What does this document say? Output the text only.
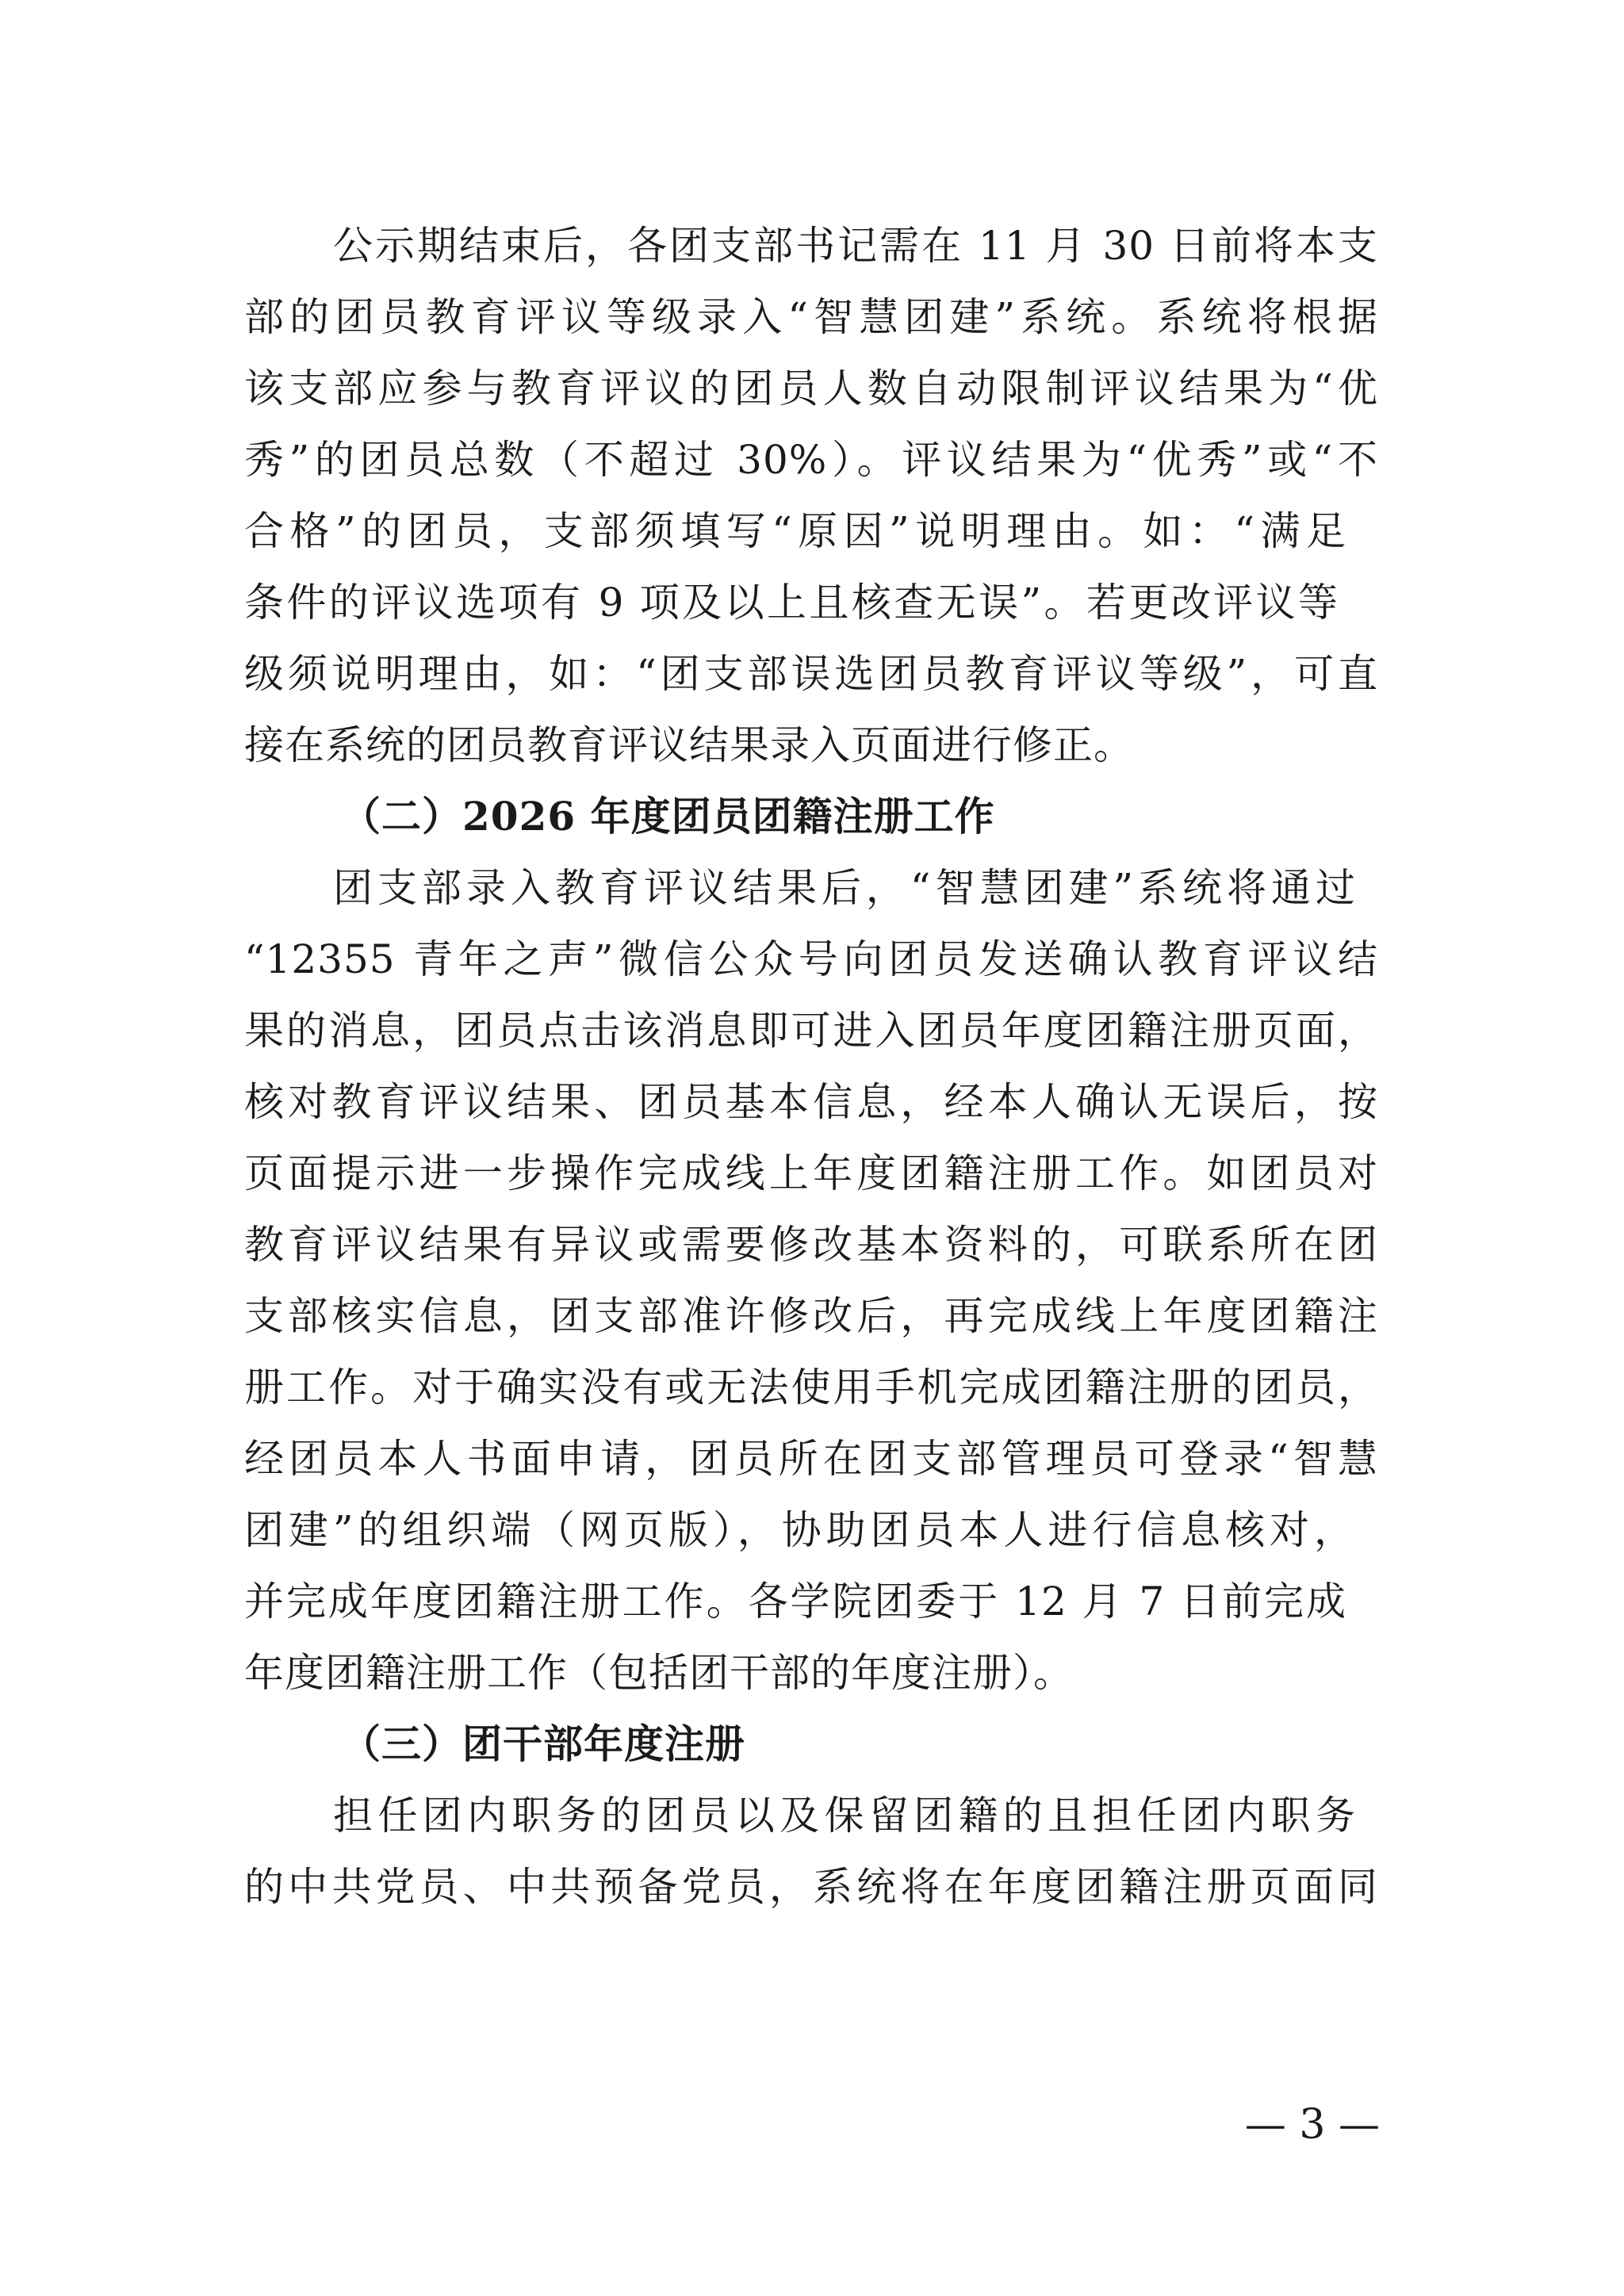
公示期结束后，各团支部书记需在 11 月 30 日前将本支
部的团员教育评议等级录入“智慧团建”系统。系统将根据
该支部应参与教育评议的团员人数自动限制评议结果为“优
秀”的团员总数（不超过 30%）。评议结果为“优秀”或“不
合格”的团员，支部须填写“原因”说明理由。如：“满足
条件的评议选项有 9 项及以上且核查无误”。若更改评议等
级须说明理由，如：“团支部误选团员教育评议等级”，可直
接在系统的团员教育评议结果录入页面进行修正。
（二）2026 年度团员团籍注册工作
团支部录入教育评议结果后，“智慧团建”系统将通过
“12355 青年之声”微信公众号向团员发送确认教育评议结
果的消息，团员点击该消息即可进入团员年度团籍注册页面，
核对教育评议结果、团员基本信息，经本人确认无误后，按
页面提示进一步操作完成线上年度团籍注册工作。如团员对
教育评议结果有异议或需要修改基本资料的，可联系所在团
支部核实信息，团支部准许修改后，再完成线上年度团籍注
册工作。对于确实没有或无法使用手机完成团籍注册的团员，
经团员本人书面申请，团员所在团支部管理员可登录“智慧
团建”的组织端（网页版），协助团员本人进行信息核对，
并完成年度团籍注册工作。各学院团委于 12 月 7 日前完成
年度团籍注册工作（包括团干部的年度注册）。
（三）团干部年度注册
担任团内职务的团员以及保留团籍的且担任团内职务
的中共党员、中共预备党员，系统将在年度团籍注册页面同
— 3 —
